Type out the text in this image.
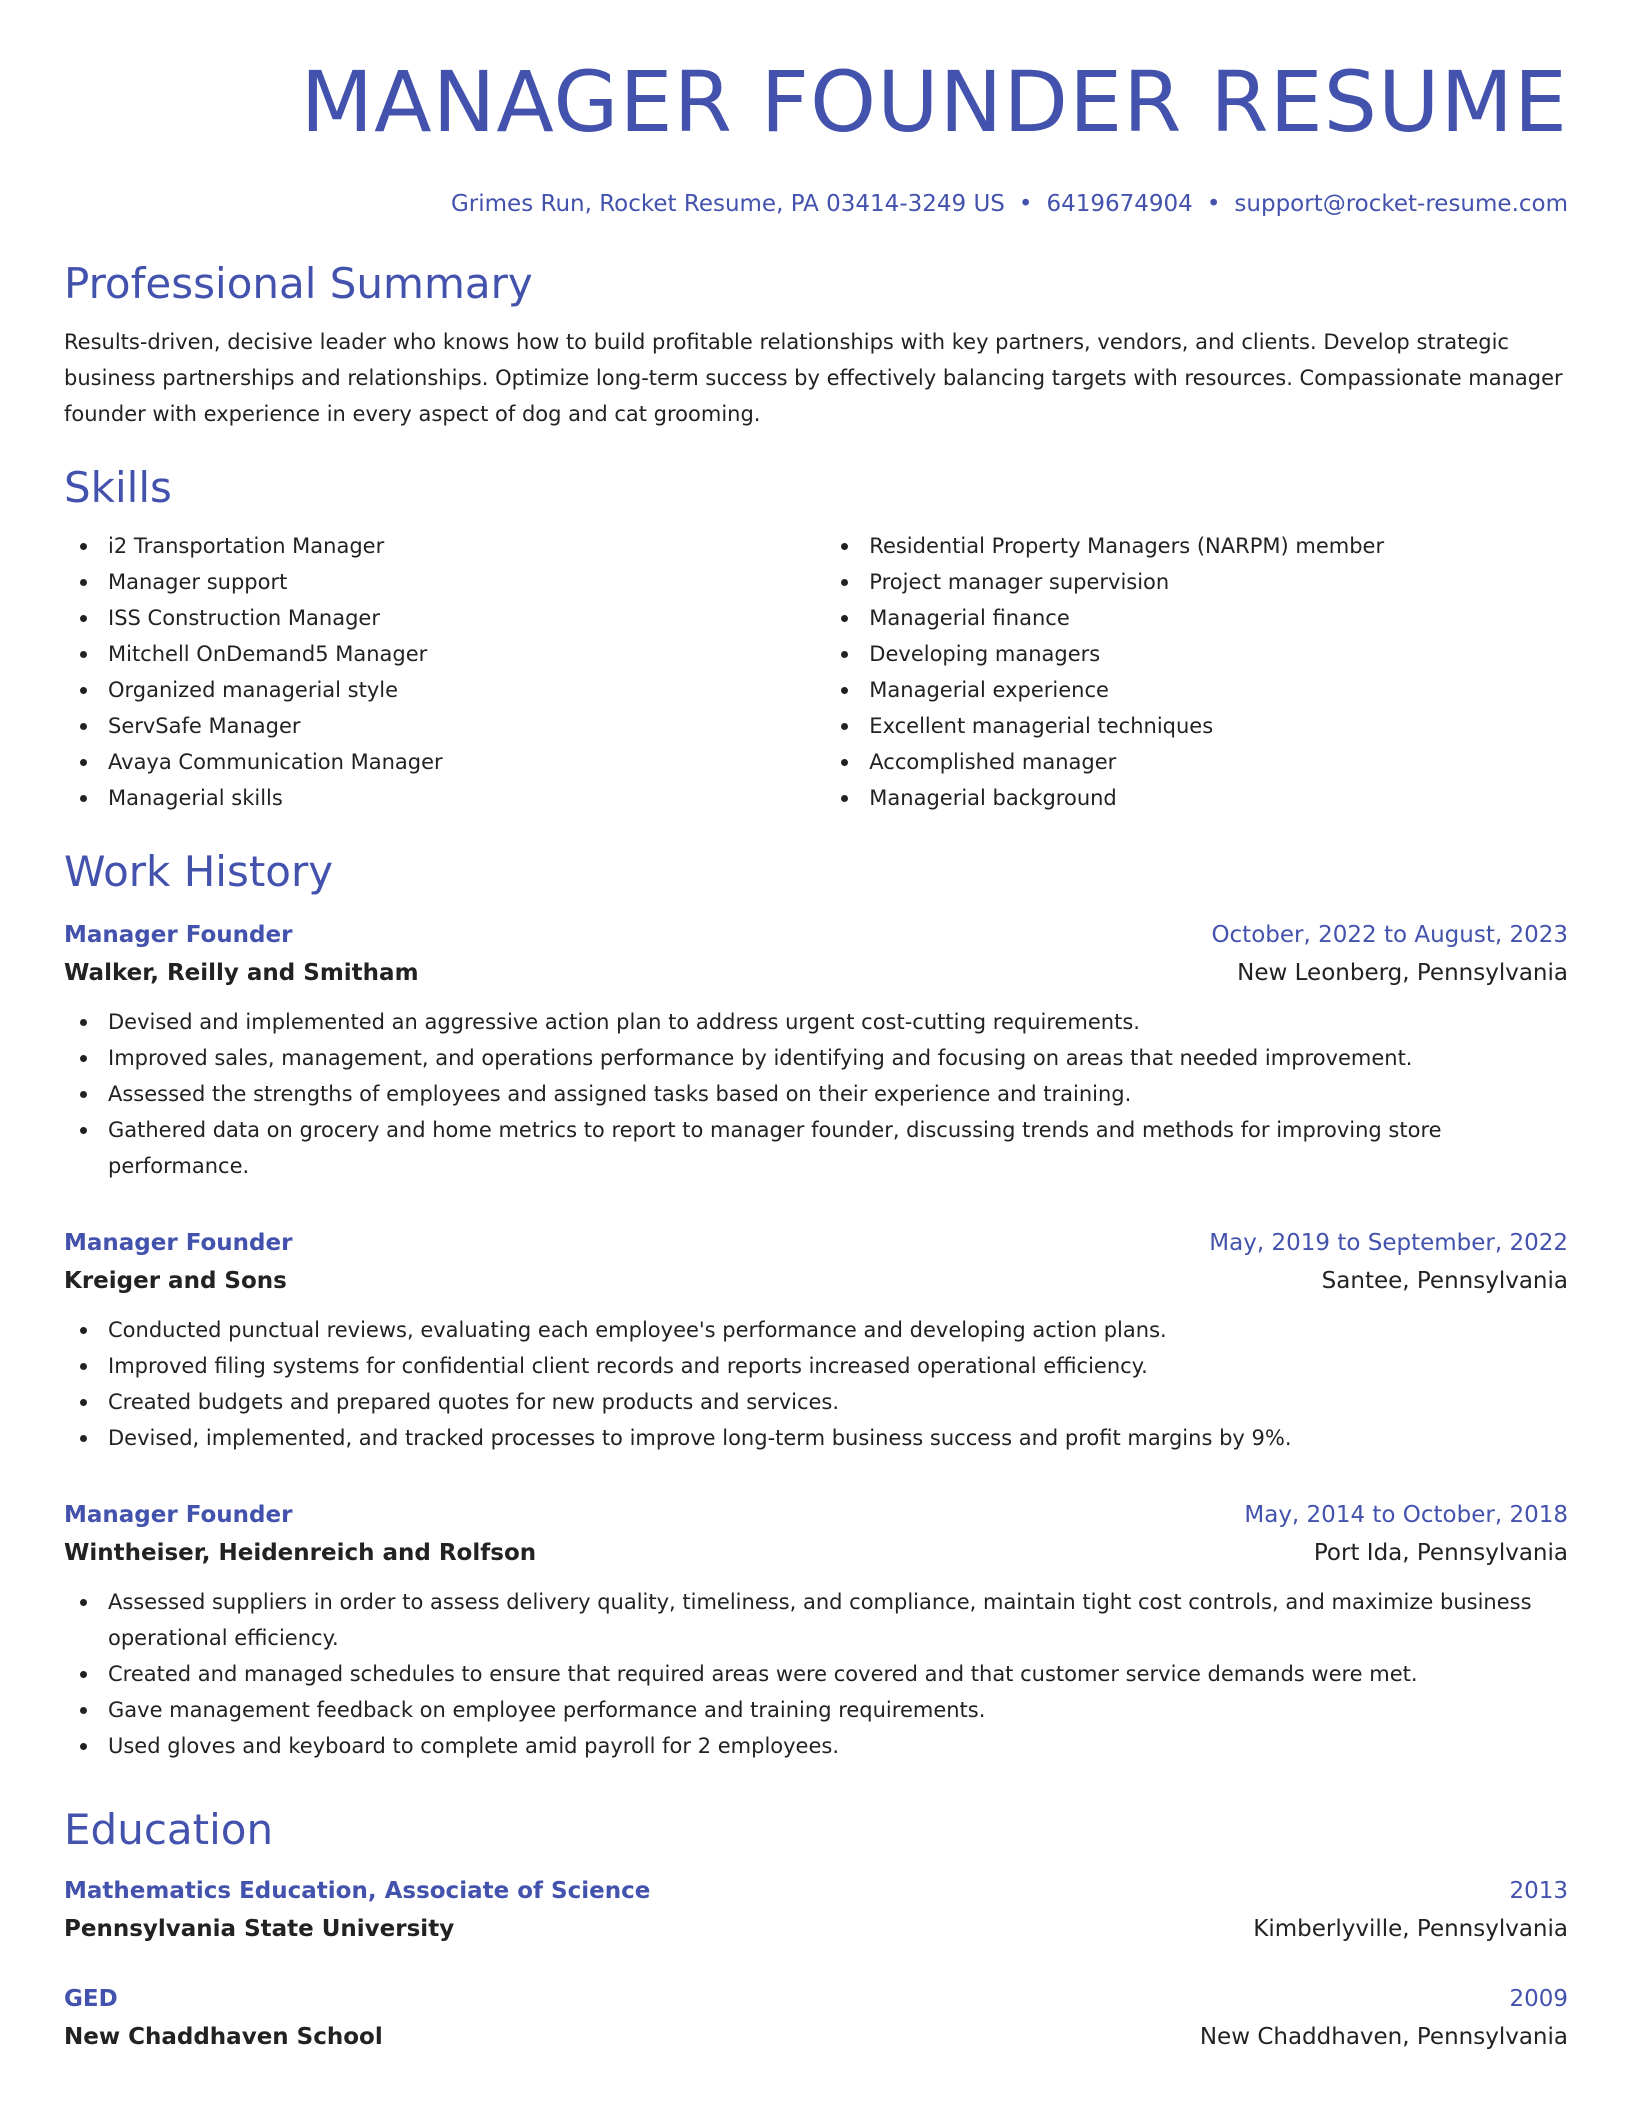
MANAGER FOUNDER RESUME
Grimes Run, Rocket Resume, PA 03414-3249 US • 6419674904 • support@rocket-resume.com
Professional Summary
Results-driven, decisive leader who knows how to build profitable relationships with key partners, vendors, and clients. Develop strategic business partnerships and relationships. Optimize long-term success by effectively balancing targets with resources. Compassionate manager founder with experience in every aspect of dog and cat grooming.
Skills
i2 Transportation Manager
Manager support
ISS Construction Manager
Mitchell OnDemand5 Manager
Organized managerial style
ServSafe Manager
Avaya Communication Manager
Managerial skills
Residential Property Managers (NARPM) member
Project manager supervision
Managerial finance
Developing managers
Managerial experience
Excellent managerial techniques
Accomplished manager
Managerial background
Work History
Manager Founder	October, 2022 to August, 2023
Walker, Reilly and Smitham	New Leonberg, Pennsylvania
Devised and implemented an aggressive action plan to address urgent cost-cutting requirements.
Improved sales, management, and operations performance by identifying and focusing on areas that needed improvement.
Assessed the strengths of employees and assigned tasks based on their experience and training.
Gathered data on grocery and home metrics to report to manager founder, discussing trends and methods for improving store performance.
Manager Founder	May, 2019 to September, 2022
Kreiger and Sons	Santee, Pennsylvania
Conducted punctual reviews, evaluating each employee's performance and developing action plans.
Improved filing systems for confidential client records and reports increased operational efficiency.
Created budgets and prepared quotes for new products and services.
Devised, implemented, and tracked processes to improve long-term business success and profit margins by 9%.
Manager Founder	May, 2014 to October, 2018
Wintheiser, Heidenreich and Rolfson	Port Ida, Pennsylvania
Assessed suppliers in order to assess delivery quality, timeliness, and compliance, maintain tight cost controls, and maximize business operational efficiency.
Created and managed schedules to ensure that required areas were covered and that customer service demands were met.
Gave management feedback on employee performance and training requirements.
Used gloves and keyboard to complete amid payroll for 2 employees.
Education
Mathematics Education, Associate of Science	2013
Pennsylvania State University	Kimberlyville, Pennsylvania
GED	2009
New Chaddhaven School	New Chaddhaven, Pennsylvania
